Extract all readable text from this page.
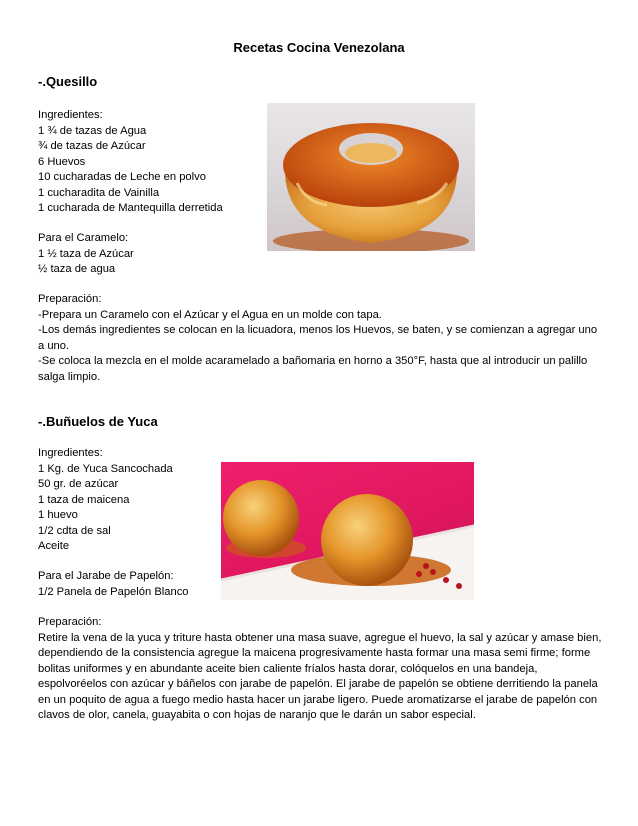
Recetas Cocina Venezolana
-.Quesillo
Ingredientes:
1 ¾ de tazas de Agua
¾ de tazas de Azúcar
6 Huevos
10 cucharadas de Leche en polvo
1 cucharadita de Vainilla
1 cucharada de Mantequilla derretida
Para el Caramelo:
1 ½ taza de Azúcar
½ taza de agua
Preparación:
-Prepara un Caramelo con el Azúcar y el Agua en un molde con tapa.
-Los demás ingredientes se colocan en la licuadora, menos los Huevos, se baten, y se comienzan a agregar uno a uno.
-Se coloca la mezcla en el molde acaramelado a bañomaria en horno a 350°F, hasta que al introducir un palillo salga limpio.
-.Buñuelos de Yuca
Ingredientes:
1 Kg. de Yuca Sancochada
50 gr. de azúcar
1 taza de maicena
1 huevo
1/2 cdta de sal
Aceite
Para el Jarabe de Papelón:
1/2 Panela de Papelón Blanco
Preparación:
Retire la vena de la yuca y triture hasta obtener una masa suave, agregue el huevo, la sal y azúcar y amase bien, dependiendo de la consistencia agregue la maicena progresivamente hasta formar una masa semi firme; forme bolitas uniformes y en abundante aceite bien caliente fríalos hasta dorar, colóquelos en una bandeja, espolvoréelos con azúcar y báñelos con jarabe de papelón. El jarabe de papelón se obtiene derritiendo la panela en un poquito de agua a fuego medio hasta hacer un jarabe ligero. Puede aromatizarse el jarabe de papelón con clavos de olor, canela, guayabita o con hojas de naranjo que le darán un sabor especial.
